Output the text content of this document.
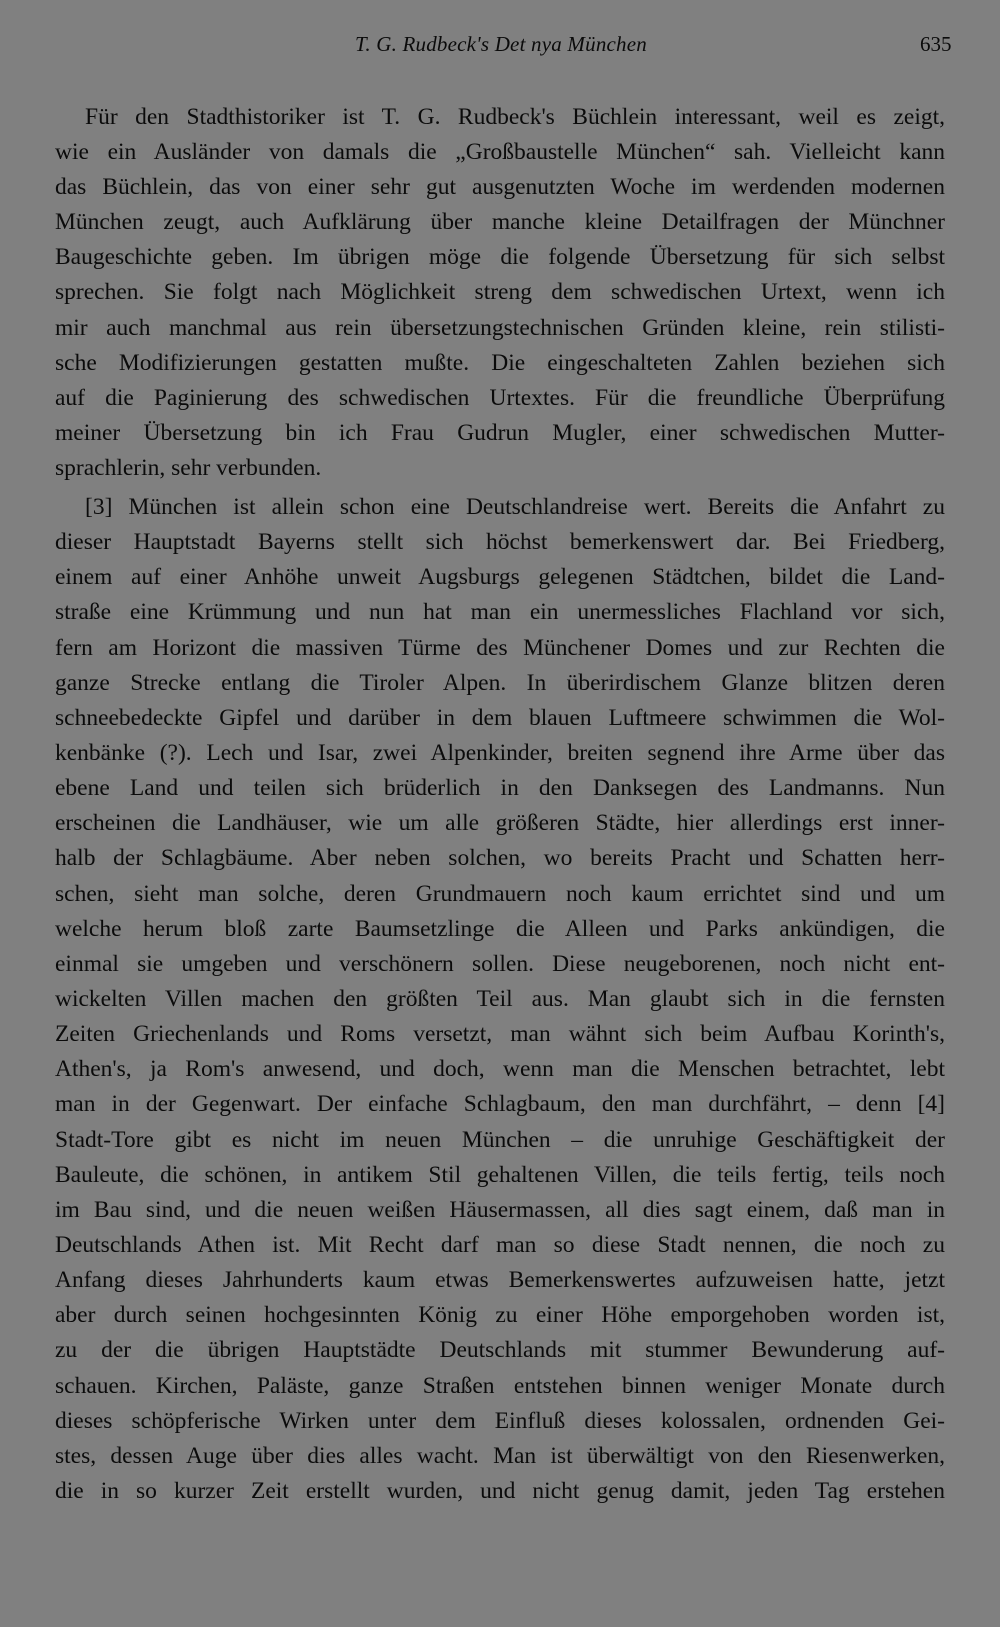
T. G. Rudbeck's Det nya München	635
Für den Stadthistoriker ist T. G. Rudbeck's Büchlein interessant, weil es zeigt,
wie ein Ausländer von damals die „Großbaustelle München“ sah. Vielleicht kann
das Büchlein, das von einer sehr gut ausgenutzten Woche im werdenden modernen
München zeugt, auch Aufklärung über manche kleine Detailfragen der Münchner
Baugeschichte geben. Im übrigen möge die folgende Übersetzung für sich selbst
sprechen. Sie folgt nach Möglichkeit streng dem schwedischen Urtext, wenn ich
mir auch manchmal aus rein übersetzungstechnischen Gründen kleine, rein stilisti-
sche Modifizierungen gestatten mußte. Die eingeschalteten Zahlen beziehen sich
auf die Paginierung des schwedischen Urtextes. Für die freundliche Überprüfung
meiner Übersetzung bin ich Frau Gudrun Mugler, einer schwedischen Mutter-
sprachlerin, sehr verbunden.
[3] München ist allein schon eine Deutschlandreise wert. Bereits die Anfahrt zu
dieser Hauptstadt Bayerns stellt sich höchst bemerkenswert dar. Bei Friedberg,
einem auf einer Anhöhe unweit Augsburgs gelegenen Städtchen, bildet die Land-
straße eine Krümmung und nun hat man ein unermessliches Flachland vor sich,
fern am Horizont die massiven Türme des Münchener Domes und zur Rechten die
ganze Strecke entlang die Tiroler Alpen. In überirdischem Glanze blitzen deren
schneebedeckte Gipfel und darüber in dem blauen Luftmeere schwimmen die Wol-
kenbänke (?). Lech und Isar, zwei Alpenkinder, breiten segnend ihre Arme über das
ebene Land und teilen sich brüderlich in den Danksegen des Landmanns. Nun
erscheinen die Landhäuser, wie um alle größeren Städte, hier allerdings erst inner-
halb der Schlagbäume. Aber neben solchen, wo bereits Pracht und Schatten herr-
schen, sieht man solche, deren Grundmauern noch kaum errichtet sind und um
welche herum bloß zarte Baumsetzlinge die Alleen und Parks ankündigen, die
einmal sie umgeben und verschönern sollen. Diese neugeborenen, noch nicht ent-
wickelten Villen machen den größten Teil aus. Man glaubt sich in die fernsten
Zeiten Griechenlands und Roms versetzt, man wähnt sich beim Aufbau Korinth's,
Athen's, ja Rom's anwesend, und doch, wenn man die Menschen betrachtet, lebt
man in der Gegenwart. Der einfache Schlagbaum, den man durchfährt, – denn [4]
Stadt-Tore gibt es nicht im neuen München – die unruhige Geschäftigkeit der
Bauleute, die schönen, in antikem Stil gehaltenen Villen, die teils fertig, teils noch
im Bau sind, und die neuen weißen Häusermassen, all dies sagt einem, daß man in
Deutschlands Athen ist. Mit Recht darf man so diese Stadt nennen, die noch zu
Anfang dieses Jahrhunderts kaum etwas Bemerkenswertes aufzuweisen hatte, jetzt
aber durch seinen hochgesinnten König zu einer Höhe emporgehoben worden ist,
zu der die übrigen Hauptstädte Deutschlands mit stummer Bewunderung auf-
schauen. Kirchen, Paläste, ganze Straßen entstehen binnen weniger Monate durch
dieses schöpferische Wirken unter dem Einfluß dieses kolossalen, ordnenden Gei-
stes, dessen Auge über dies alles wacht. Man ist überwältigt von den Riesenwerken,
die in so kurzer Zeit erstellt wurden, und nicht genug damit, jeden Tag erstehen
